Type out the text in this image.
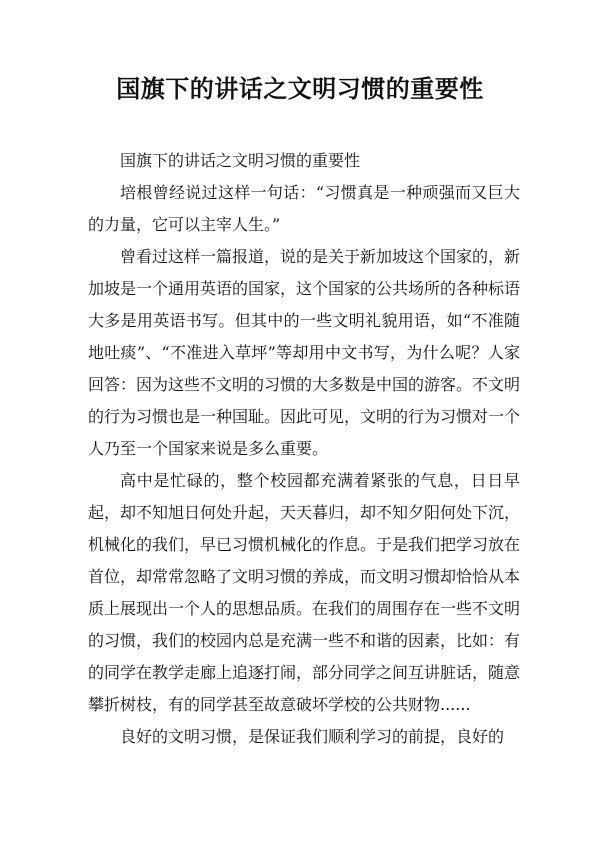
国旗下的讲话之文明习惯的重要性

国旗下的讲话之文明习惯的重要性

培根曾经说过这样一句话：“习惯真是一种顽强而又巨大的力量，它可以主宰人生。”

曾看过这样一篇报道，说的是关于新加坡这个国家的，新加坡是一个通用英语的国家，这个国家的公共场所的各种标语大多是用英语书写。但其中的一些文明礼貌用语，如“不准随地吐痰”、“不准进入草坪”等却用中文书写，为什么呢？人家回答：因为这些不文明的习惯的大多数是中国的游客。不文明的行为习惯也是一种国耻。因此可见，文明的行为习惯对一个人乃至一个国家来说是多么重要。

高中是忙碌的，整个校园都充满着紧张的气息，日日早起，却不知旭日何处升起，天天暮归，却不知夕阳何处下沉，机械化的我们，早已习惯机械化的作息。于是我们把学习放在首位，却常常忽略了文明习惯的养成，而文明习惯却恰恰从本质上展现出一个人的思想品质。在我们的周围存在一些不文明的习惯，我们的校园内总是充满一些不和谐的因素，比如：有的同学在教学走廊上追逐打闹，部分同学之间互讲脏话，随意攀折树枝，有的同学甚至故意破坏学校的公共财物......

良好的文明习惯，是保证我们顺利学习的前提，良好的
